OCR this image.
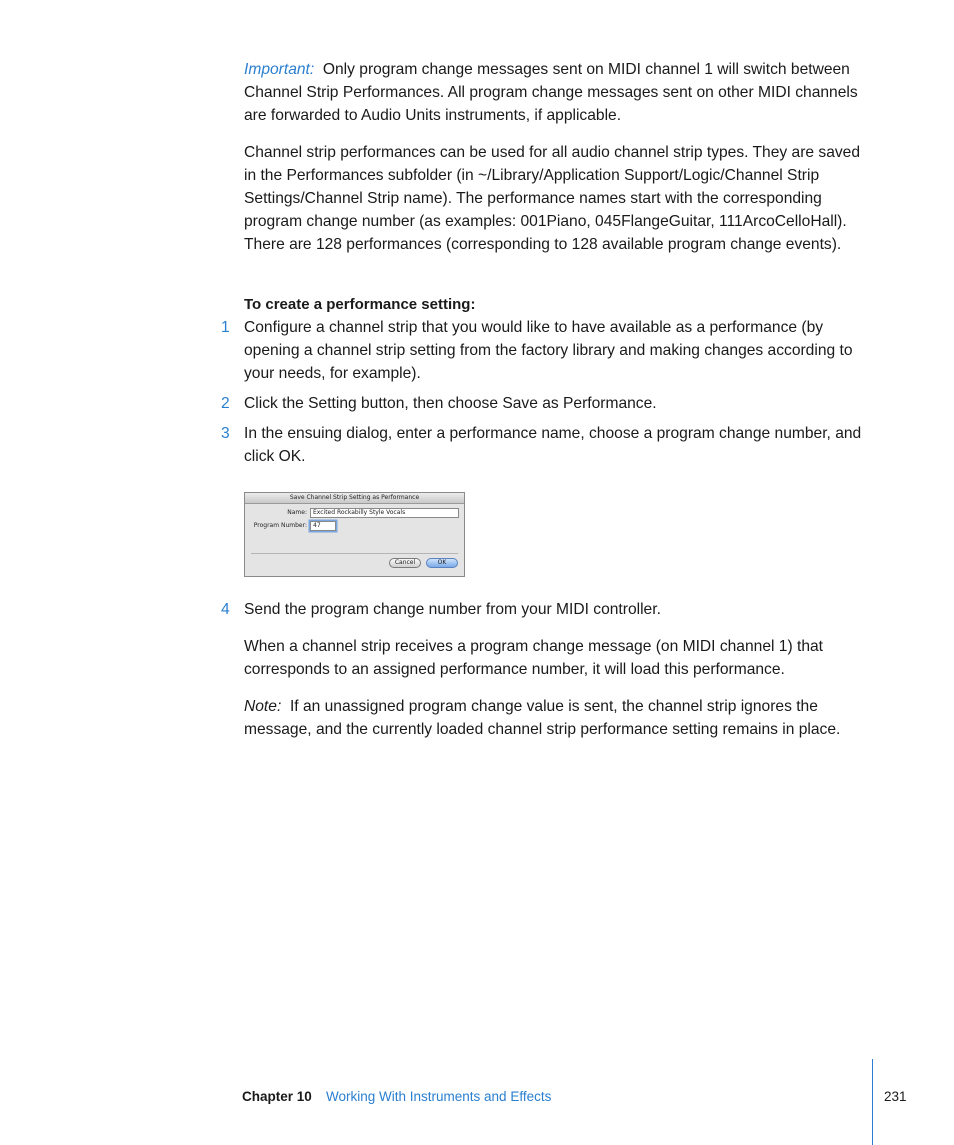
Important: Only program change messages sent on MIDI channel 1 will switch between Channel Strip Performances. All program change messages sent on other MIDI channels are forwarded to Audio Units instruments, if applicable.
Channel strip performances can be used for all audio channel strip types. They are saved in the Performances subfolder (in ~/Library/Application Support/Logic/Channel Strip Settings/Channel Strip name). The performance names start with the corresponding program change number (as examples: 001Piano, 045FlangeGuitar, 111ArcoCelloHall). There are 128 performances (corresponding to 128 available program change events).
To create a performance setting:
1 Configure a channel strip that you would like to have available as a performance (by opening a channel strip setting from the factory library and making changes according to your needs, for example).
2 Click the Setting button, then choose Save as Performance.
3 In the ensuing dialog, enter a performance name, choose a program change number, and click OK.
Save Channel Strip Setting as Performance
Name:	Excited Rockabilly Style Vocals
Program Number:	47
Cancel	OK
4 Send the program change number from your MIDI controller.
When a channel strip receives a program change message (on MIDI channel 1) that corresponds to an assigned performance number, it will load this performance.
Note: If an unassigned program change value is sent, the channel strip ignores the message, and the currently loaded channel strip performance setting remains in place.
Chapter 10 Working With Instruments and Effects	231
